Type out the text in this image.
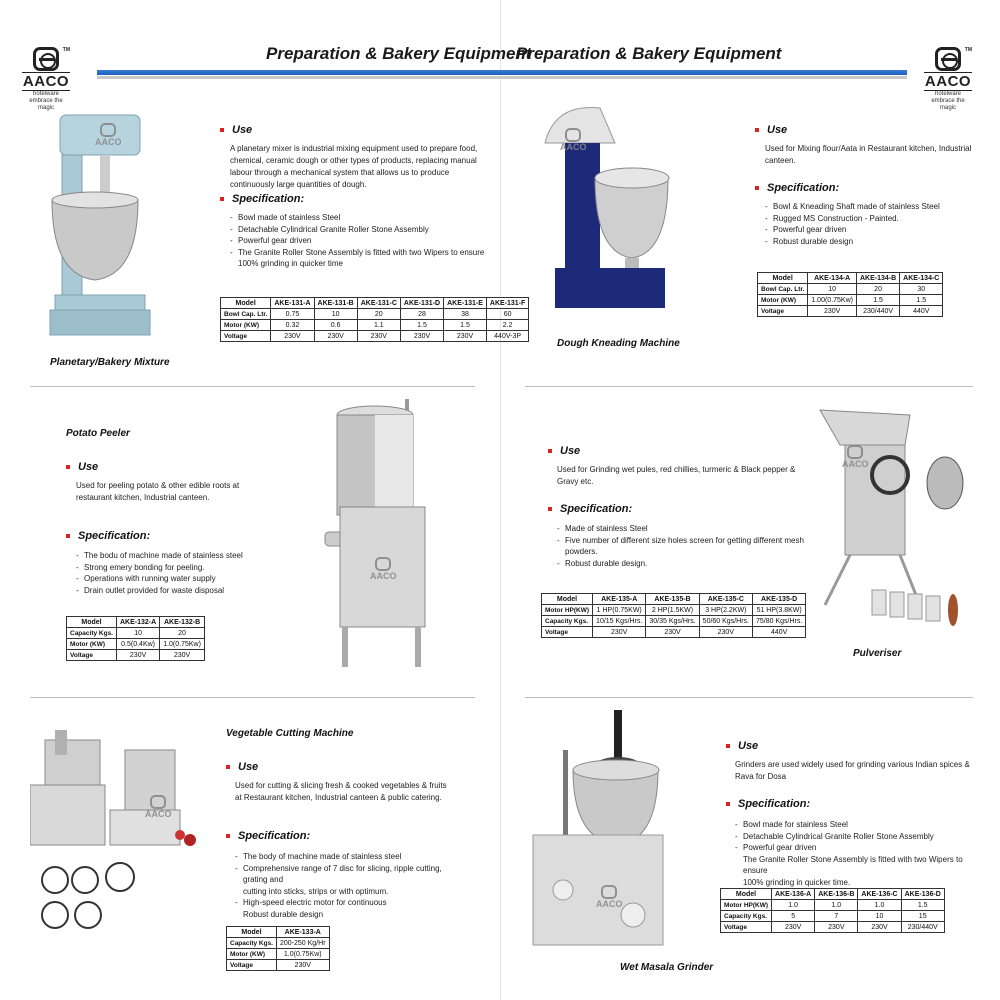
TM
AACO
hotelware
embrace the magic
Preparation & Bakery Equipment
Preparation & Bakery Equipment	TM
AACO
hotelware
embrace the magic
AACO
Planetary/Bakery Mixture
Use
A planetary mixer is industrial mixing equipment used to prepare food, chemical, ceramic dough or other types of products, replacing manual labour through a mechanical system that allows us to produce continuously large quantities of dough.
Specification:
- Bowl made of stainless Steel
- Detachable Cylindrical Granite Roller Stone Assembly
- Powerful gear driven
- The Granite Roller Stone Assembly is fitted with two Wipers to ensure
100% grinding in quicker time
Model	AKE-131-A	AKE-131-B	AKE-131-C	AKE-131-D	AKE-131-E	AKE-131-F
Bowl Cap. Ltr.	0.75	10	20	28	38	60
Motor (KW)	0.32	0.6	1.1	1.5	1.5	2.2
Voltage	230V	230V	230V	230V	230V	440V-3P
AACO
Dough Kneading Machine
Use
Used for Mixing flour/Aata in Restaurant kitchen, Industrial canteen.
Specification:
- Bowl & Kneading Shaft made of stainless Steel
- Rugged MS Construction - Painted.
- Powerful gear driven
- Robust durable design
Model	AKE-134-A	AKE-134-B	AKE-134-C
Bowl Cap. Ltr.	10	20	30
Motor (KW)	1.00(0.75Kw)	1.5	1.5
Voltage	230V	230/440V	440V
Potato Peeler
Use
Used for peeling potato & other edible roots at restaurant kitchen, Industrial canteen.
Specification:
- The bodu of machine made of stainless steel
- Strong emery bonding for peeling.
- Operations with running water supply
- Drain outlet provided for waste disposal
Model	AKE-132-A	AKE-132-B
Capacity Kgs.	10	20
Motor (KW)	0.5(0.4Kw)	1.0(0.75Kw)
Voltage	230V	230V
AACO
Use
Used for Grinding wet pules, red chillies, turmeric & Black pepper & Gravy etc.
Specification:
- Made of stainless Steel
- Five number of different size holes screen for getting different mesh powders.
- Robust durable design.
Model	AKE-135-A	AKE-135-B	AKE-135-C	AKE-135-D
Motor HP(KW)	1 HP(0.75KW)	2 HP(1.5KW)	3 HP(2.2KW)	51 HP(3.8KW)
Capacity Kgs.	10/15 Kgs/Hrs.	30/35 Kgs/Hrs.	50/60 Kgs/Hrs.	75/80 Kgs/Hrs.
Voltage	230V	230V	230V	440V
AACO
Pulveriser
AACO
Vegetable Cutting Machine
Use
Used for cutting & slicing fresh & cooked vegetables & fruits at Restaurant kitchen, Industrial canteen & public catering.
Specification:
- The body of machine made of stainless steel
- Comprehensive range of 7 disc for slicing, ripple cutting, grating and
cutting into sticks, strips or with optimum.
- High-speed electric motor for continuous
Robust durable design
Model	AKE-133-A
Capacity Kgs.	200-250 Kg/Hr
Motor (KW)	1.0(0.75Kw)
Voltage	230V
AACO
Wet Masala Grinder
Use
Grinders are used widely used for grinding various Indian spices & Rava for Dosa
Specification:
- Bowl made for stainless Steel
- Detachable Cylindrical Granite Roller Stone Assembly
- Powerful gear driven
The Granite Roller Stone Assembly is fitted with two Wipers to ensure
100% grinding in quicker time.
Model	AKE-136-A	AKE-136-B	AKE-136-C	AKE-136-D
Motor HP(KW)	1.0	1.0	1.0	1.5
Capacity Kgs.	5	7	10	15
Voltage	230V	230V	230V	230/440V
